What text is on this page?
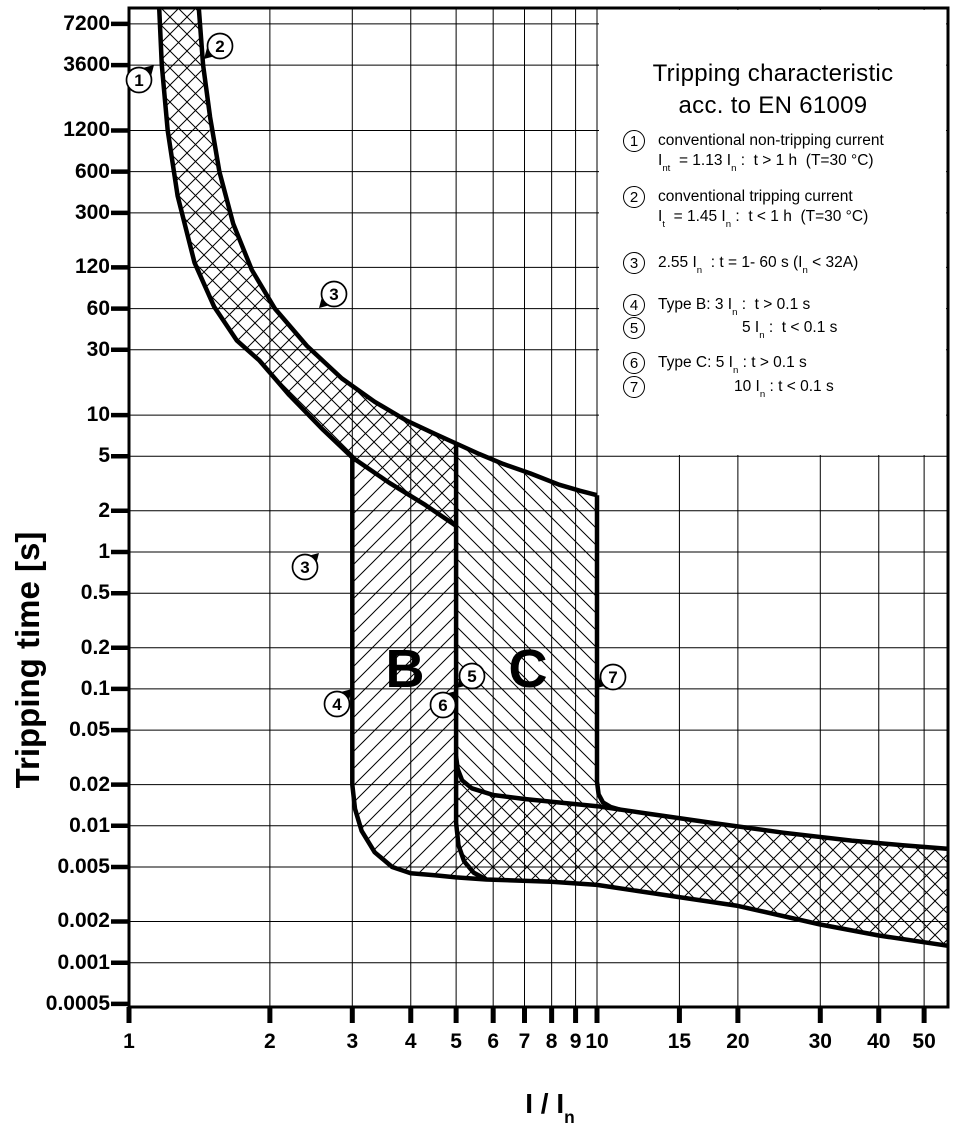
B C
1
2
3
3
4
5
6
7
7200
3600
1200
600
300
120
60
30
10
5
2
1
0.5
0.2
0.1
0.05
0.02
0.01
0.005
0.002
0.001
0.0005
1	2	3	4	5	6 7 8 9 10	15	20	30	40	50
Tripping time [s]
I / $I_n$
Tripping characteristic
acc. to EN 61009
1	conventional non-tripping current
$I_{nt} = 1.13$ $I_n$ :  t > 1 h  (T=30 °C)
2	conventional tripping current
$I_t = 1.45$ $I_n$ :  t < 1 h  (T=30 °C)
3	2.55 $I_n$  : t = 1- 60 s $(I_n < 32A)$
4	Type B: 3 $I_n$ :  t > 0.1 s
5	5 $I_n$ :  t < 0.1 s
6	Type C: 5 $I_n$ : t > 0.1 s
7	10 $I_n$ : t < 0.1 s
